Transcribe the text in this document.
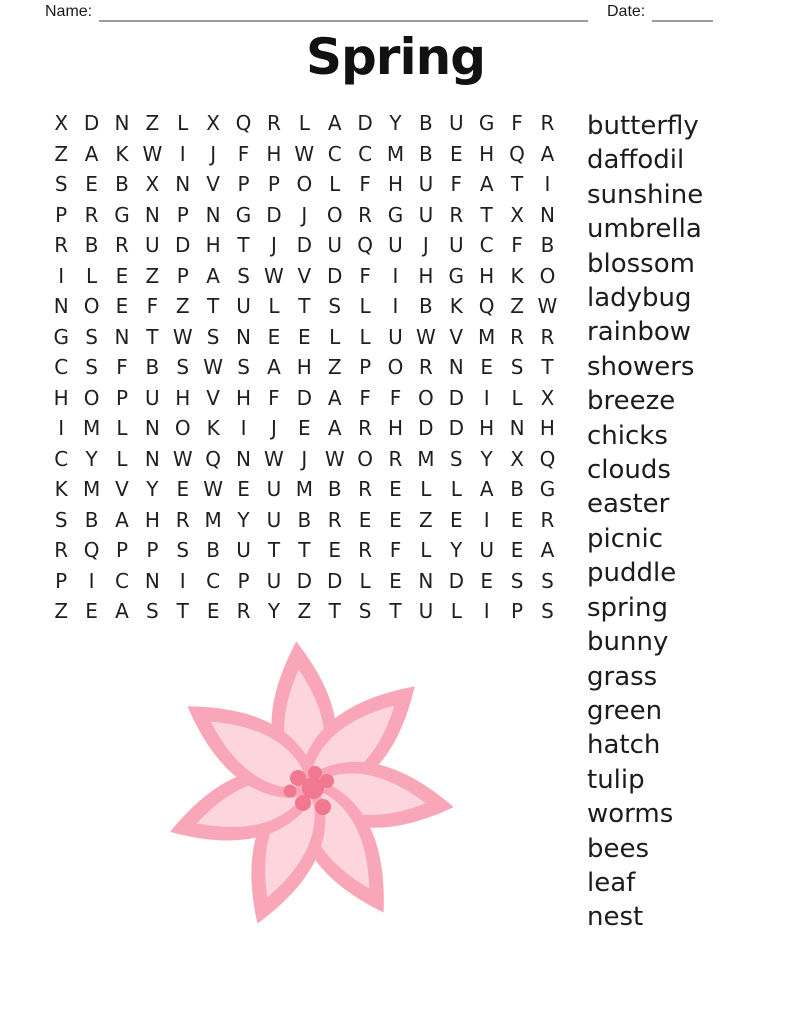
Name:	Date:
Spring
X D N Z L X Q R L A D Y B U G F R
Z A K W I	J	F H W C C M B E H Q A
S E B X N V P P O L F H U F A T	I
P R G N P N G D J O R G U R T X N
R B R U D H T	J D U Q U	J	U C F B
I	L E Z P A S W V D F	I H G H K O
N O E F Z T U L T S L	I	B K Q Z W
G S N T W S N E E L L U W V M R R
C S F B S W S A H Z P O R N E S T
H O P U H V H F D A F F O D I	L X
I M L N O K	I	J	E A R H D D H N H
C Y L N W Q N W J W O R M S Y X Q
K M V Y E W E U M B R E L L A B G
S B A H R M Y U B R E E Z E	I	E R
R Q P P S B U T T E R F L Y U E A
P	I	C N I	C P U D D L E N D E S S
Z E A S T E R Y Z T S T U L	I	P S
butterfly
daffodil
sunshine
umbrella
blossom
ladybug
rainbow
showers
breeze
chicks
clouds
easter
picnic
puddle
spring
bunny
grass
green
hatch
tulip
worms
bees
leaf
nest
